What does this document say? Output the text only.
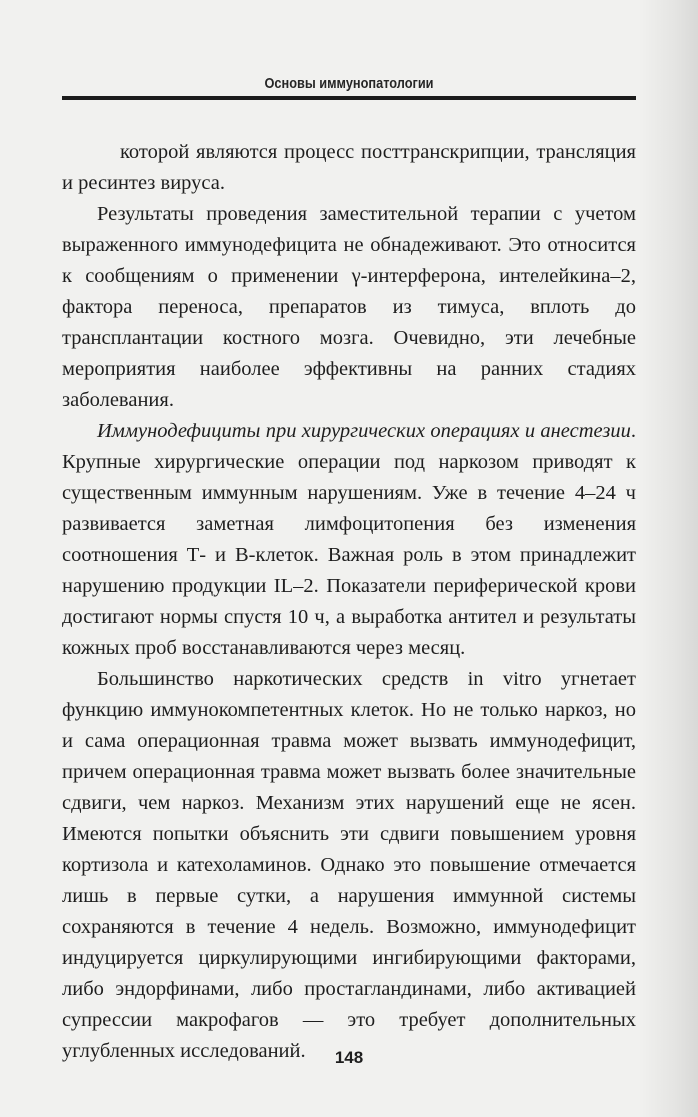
Основы иммунопатологии

которой являются процесс посттранскрипции, трансляция и ресинтез вируса.

Результаты проведения заместительной терапии с учетом выраженного иммунодефицита не обнадеживают. Это относится к сообщениям о применении γ-интерферона, интелейкина–2, фактора переноса, препаратов из тимуса, вплоть до трансплантации костного мозга. Очевидно, эти лечебные мероприятия наиболее эффективны на ранних стадиях заболевания.

Иммунодефициты при хирургических операциях и анестезии. Крупные хирургические операции под наркозом приводят к существенным иммунным нарушениям. Уже в течение 4–24 ч развивается заметная лимфоцитопения без изменения соотношения Т- и В-клеток. Важная роль в этом принадлежит нарушению продукции IL–2. Показатели периферической крови достигают нормы спустя 10 ч, а выработка антител и результаты кожных проб восстанавливаются через месяц.

Большинство наркотических средств in vitro угнетает функцию иммунокомпетентных клеток. Но не только наркоз, но и сама операционная травма может вызвать иммунодефицит, причем операционная травма может вызвать более значительные сдвиги, чем наркоз. Механизм этих нарушений еще не ясен. Имеются попытки объяснить эти сдвиги повышением уровня кортизола и катехоламинов. Однако это повышение отмечается лишь в первые сутки, а нарушения иммунной системы сохраняются в течение 4 недель. Возможно, иммунодефицит индуцируется циркулирующими ингибирующими факторами, либо эндорфинами, либо простагландинами, либо активацией супрессии макрофагов — это требует дополнительных углубленных исследований.	148
